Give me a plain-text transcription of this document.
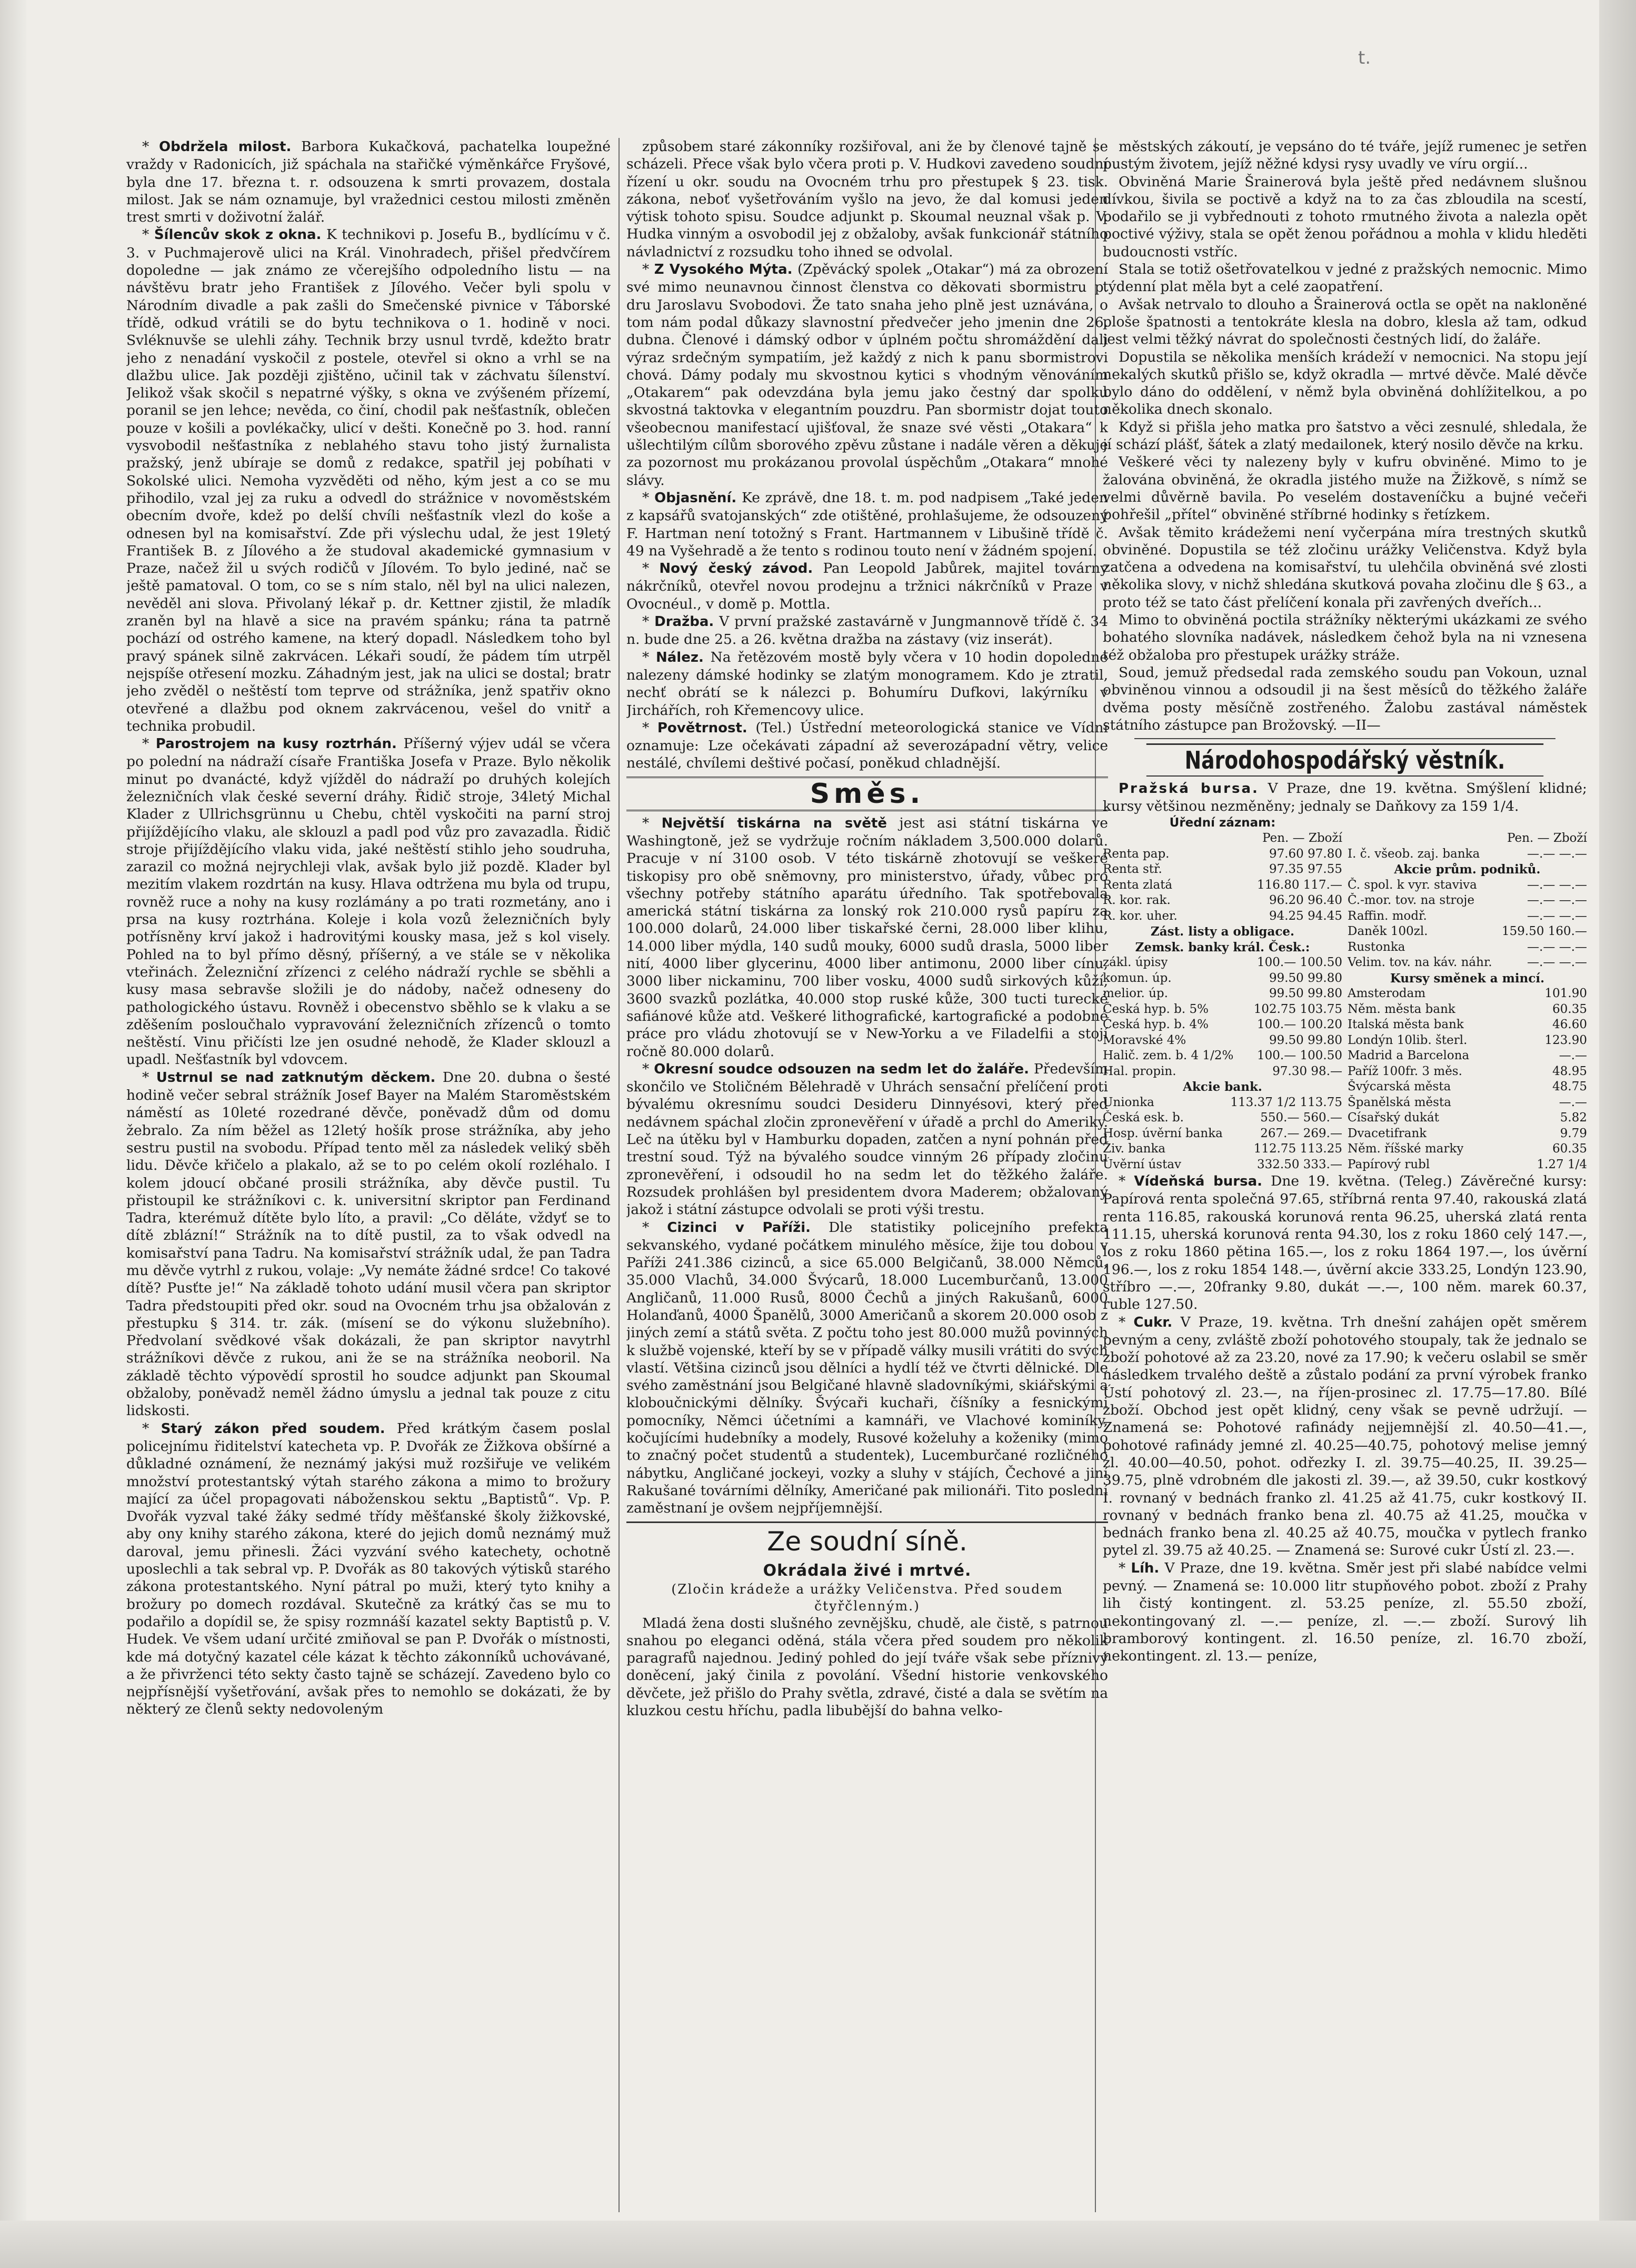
t.

* Obdržela milost. Barbora Kukačková, pachatelka loupežné vraždy v Radonicích, již spáchala na stařičké výměnkářce Fryšové, byla dne 17. března t. r. odsouzena k smrti provazem, dostala milost. Jak se nám oznamuje, byl vražednici cestou milosti změněn trest smrti v doživotní žalář.

* Šílencův skok z okna. K technikovi p. Josefu B., bydlícímu v č. 3. v Puchmajerově ulici na Král. Vinohradech, přišel předvčírem dopoledne — jak známo ze včerejšího odpoledního listu — na návštěvu bratr jeho František z Jílového. Večer byli spolu v Národním divadle a pak zašli do Smečenské pivnice v Táborské třídě, odkud vrátili se do bytu technikova o 1. hodině v noci. Svléknuvše se ulehli záhy. Technik brzy usnul tvrdě, kdežto bratr jeho z nenadání vyskočil z postele, otevřel si okno a vrhl se na dlažbu ulice. Jak později zjištěno, učinil tak v záchvatu šílenství. Jelikož však skočil s nepatrné výšky, s okna ve zvýšeném přízemí, poranil se jen lehce; nevěda, co činí, chodil pak nešťastník, oblečen pouze v košili a povlékačky, ulicí v dešti. Konečně po 3. hod. ranní vysvobodil nešťastníka z neblahého stavu toho jistý žurnalista pražský, jenž ubíraje se domů z redakce, spatřil jej pobíhati v Sokolské ulici. Nemoha vyzvěděti od něho, kým jest a co se mu přihodilo, vzal jej za ruku a odvedl do strážnice v novoměstském obecním dvoře, kdež po delší chvíli nešťastník vlezl do koše a odnesen byl na komisařství. Zde při výslechu udal, že jest 19letý František B. z Jílového a že studoval akademické gymnasium v Praze, načež žil u svých rodičů v Jílovém. To bylo jediné, nač se ještě pamatoval. O tom, co se s ním stalo, něl byl na ulici nalezen, nevěděl ani slova. Přivolaný lékař p. dr. Kettner zjistil, že mladík zraněn byl na hlavě a sice na pravém spánku; rána ta patrně pochází od ostrého kamene, na který dopadl. Následkem toho byl pravý spánek silně zakrvácen. Lékaři soudí, že pádem tím utrpěl nejspíše otřesení mozku. Záhadným jest, jak na ulici se dostal; bratr jeho zvěděl o neštěstí tom teprve od strážníka, jenž spatřiv okno otevřené a dlažbu pod oknem zakrvácenou, vešel do vnitř a technika probudil.

* Parostrojem na kusy roztrhán. Příšerný výjev udál se včera po polední na nádraží císaře Františka Josefa v Praze. Bylo několik minut po dvanácté, když vjížděl do nádraží po druhých kolejích železničních vlak české severní dráhy. Řidič stroje, 34letý Michal Klader z Ullrichsgrünnu u Chebu, chtěl vyskočiti na parní stroj přijíždějícího vlaku, ale sklouzl a padl pod vůz pro zavazadla. Řidič stroje přijíždějícího vlaku vida, jaké neštěstí stihlo jeho soudruha, zarazil co možná nejrychleji vlak, avšak bylo již pozdě. Klader byl mezitím vlakem rozdrtán na kusy. Hlava odtržena mu byla od trupu, rovněž ruce a nohy na kusy rozlámány a po trati rozmetány, ano i prsa na kusy roztrhána. Koleje i kola vozů železničních byly potřísněny krví jakož i hadrovitými kousky masa, jež s kol visely. Pohled na to byl přímo děsný, příšerný, a ve stále se v několika vteřinách. Železniční zřízenci z celého nádraží rychle se sběhli a kusy masa sebravše složili je do nádoby, načež odneseny do pathologického ústavu. Rovněž i obecenstvo sběhlo se k vlaku a se zděšením posloučhalo vypravování železničních zřízenců o tomto neštěstí. Vinu přičísti lze jen osudné nehodě, že Klader sklouzl a upadl. Nešťastník byl vdovcem.

* Ustrnul se nad zatknutým děckem. Dne 20. dubna o šesté hodině večer sebral strážník Josef Bayer na Malém Staroměstském náměstí as 10leté rozedrané děvče, poněvadž dům od domu žebralo. Za ním běžel as 12letý hošík prose strážníka, aby jeho sestru pustil na svobodu. Případ tento měl za následek veliký sběh lidu. Děvče křičelo a plakalo, až se to po celém okolí rozléhalo. I kolem jdoucí občané prosili strážníka, aby děvče pustil. Tu přistoupil ke strážníkovi c. k. universitní skriptor pan Ferdinand Tadra, kterémuž dítěte bylo líto, a pravil: „Co děláte, vždyť se to dítě zblázní!“ Strážník na to dítě pustil, za to však odvedl na komisařství pana Tadru. Na komisařství strážník udal, že pan Tadra mu děvče vytrhl z rukou, volaje: „Vy nemáte žádné srdce! Co takové dítě? Pusťte je!“ Na základě tohoto udání musil včera pan skriptor Tadra předstoupiti před okr. soud na Ovocném trhu jsa obžalován z přestupku § 314. tr. zák. (mísení se do výkonu služebního). Předvolaní svědkové však dokázali, že pan skriptor navytrhl strážníkovi děvče z rukou, ani že se na strážníka neoboril. Na základě těchto výpovědí sprostil ho soudce adjunkt pan Skoumal obžaloby, poněvadž neměl žádno úmyslu a jednal tak pouze z citu lidskosti.

* Starý zákon před soudem. Před krátkým časem poslal policejnímu řiditelství katecheta vp. P. Dvořák ze Žižkova obšírné a důkladné oznámení, že neznámý jakýsi muž rozšiřuje ve velikém množství protestantský výtah starého zákona a mimo to brožury mající za účel propagovati náboženskou sektu „Baptistů“. Vp. P. Dvořák vyzval také žáky sedmé třídy měšťanské školy žižkovské, aby ony knihy starého zákona, které do jejich domů neznámý muž daroval, jemu přinesli. Žáci vyzvání svého katechety, ochotně uposlechli a tak sebral vp. P. Dvořák as 80 takových výtisků starého zákona protestantského. Nyní pátral po muži, který tyto knihy a brožury po domech rozdával. Skutečně za krátký čas se mu to podařilo a dopídil se, že spisy rozmnáší kazatel sekty Baptistů p. V. Hudek. Ve všem udaní určité zmiňoval se pan P. Dvořák o místnosti, kde má dotyčný kazatel céle kázat k těchto zákonníků uchovávané, a že přivrženci této sekty často tajně se scházejí. Zavedeno bylo co nejpřísnější vyšetřování, avšak přes to nemohlo se dokázati, že by některý ze členů sekty nedovoleným

způsobem staré zákonníky rozšiřoval, ani že by členové tajně se scházeli. Přece však bylo včera proti p. V. Hudkovi zavedeno soudní řízení u okr. soudu na Ovocném trhu pro přestupek § 23. tisk. zákona, neboť vyšetřováním vyšlo na jevo, že dal komusi jeden výtisk tohoto spisu. Soudce adjunkt p. Skoumal neuznal však p. V. Hudka vinným a osvobodil jej z obžaloby, avšak funkcionář státního návladnictví z rozsudku toho ihned se odvolal.

* Z Vysokého Mýta. (Zpěvácký spolek „Otakar“) má za obrození své mimo neunavnou činnost členstva co děkovati sbormistru p. dru Jaroslavu Svobodovi. Že tato snaha jeho plně jest uznávána, o tom nám podal důkazy slavnostní předvečer jeho jmenin dne 26. dubna. Členové i dámský odbor v úplném počtu shromáždění dali výraz srdečným sympatiím, jež každý z nich k panu sbormistrovi chová. Dámy podaly mu skvostnou kytici s vhodným věnováním „Otakarem“ pak odevzdána byla jemu jako čestný dar spolku skvostná taktovka v elegantním pouzdru. Pan sbormistr dojat touto všeobecnou manifestací ujišťoval, že snaze své věsti „Otakara“ k ušlechtilým cílům sborového zpěvu zůstane i nadále věren a děkuje za pozornost mu prokázanou provolal úspěchům „Otakara“ mnohé slávy.

* Objasnění. Ke zprávě, dne 18. t. m. pod nadpisem „Také jeden z kapsářů svatojanských“ zde otištěné, prohlašujeme, že odsouzený F. Hartman není totožný s Frant. Hartmannem v Libušině třídě č. 49 na Vyšehradě a že tento s rodinou touto není v žádném spojení.

* Nový český závod. Pan Leopold Jabůrek, majitel továrny nákrčníků, otevřel novou prodejnu a tržnici nákrčníků v Praze v Ovocnéul., v domě p. Mottla.

* Dražba. V první pražské zastavárně v Jungmannově třídě č. 34 n. bude dne 25. a 26. května dražba na zástavy (viz inserát).

* Nález. Na řetězovém mostě byly včera v 10 hodin dopoledne nalezeny dámské hodinky se zlatým monogramem. Kdo je ztratil, nechť obrátí se k nálezci p. Bohumíru Dufkovi, lakýrníku v Jirchářích, roh Křemencovy ulice.

* Povětrnost. (Tel.) Ústřední meteorologická stanice ve Vídni oznamuje: Lze očekávati západní až severozápadní větry, velice nestálé, chvílemi deštivé počasí, poněkud chladnější.

Směs.

* Největší tiskárna na světě jest asi státní tiskárna ve Washingtoně, jež se vydržuje ročním nákladem 3,500.000 dolarů. Pracuje v ní 3100 osob. V této tiskárně zhotovují se veškeré tiskopisy pro obě sněmovny, pro ministerstvo, úřady, vůbec pro všechny potřeby státního aparátu úředního. Tak spotřebovala americká státní tiskárna za lonský rok 210.000 rysů papíru za 100.000 dolarů, 24.000 liber tiskařské černi, 28.000 liber klihu, 14.000 liber mýdla, 140 sudů mouky, 6000 sudů drasla, 5000 liber nití, 4000 liber glycerinu, 4000 liber antimonu, 2000 liber cínu, 3000 liber nickaminu, 700 liber vosku, 4000 sudů sirkových kůží, 3600 svazků pozlátka, 40.000 stop ruské kůže, 300 tucti turecké safiánové kůže atd. Veškeré lithografické, kartografické a podobné práce pro vládu zhotovují se v New-Yorku a ve Filadelfii a stojí ročně 80.000 dolarů.

* Okresní soudce odsouzen na sedm let do žaláře. Především skončilo ve Stoličném Bělehradě v Uhrách sensační přelíčení proti bývalému okresnímu soudci Desideru Dinnyésovi, který před nedávnem spáchal zločin zpronevěření v úřadě a prchl do Ameriky. Leč na útěku byl v Hamburku dopaden, zatčen a nyní pohnán před trestní soud. Týž na bývalého soudce vinným 26 případy zločinu zpronevěření, i odsoudil ho na sedm let do těžkého žaláře. Rozsudek prohlášen byl presidentem dvora Maderem; obžalovaný jakož i státní zástupce odvolali se proti výši trestu.

* Cizinci v Paříži. Dle statistiky policejního prefekta sekvanského, vydané počátkem minulého měsíce, žije tou dobou v Paříži 241.386 cizinců, a sice 65.000 Belgičanů, 38.000 Němců, 35.000 Vlachů, 34.000 Švýcarů, 18.000 Lucemburčanů, 13.000 Angličanů, 11.000 Rusů, 8000 Čechů a jiných Rakušanů, 6000 Holanďanů, 4000 Španělů, 3000 Američanů a skorem 20.000 osob z jiných zemí a států světa. Z počtu toho jest 80.000 mužů povinných k službě vojenské, kteří by se v případě války musili vrátiti do svých vlastí. Většina cizinců jsou dělníci a hydlí též ve čtvrti dělnické. Dle svého zaměstnání jsou Belgičané hlavně sladovníkými, skiářskými a kloboučnickými dělníky. Švýcaři kuchaři, číšníky a fesnickými pomocníky, Němci účetními a kamnáři, ve Vlachové kominíky, kočujícími hudebníky a modely, Rusové koželuhy a koženiky (mimo to značný počet studentů a studentek), Lucemburčané rozličného nábytku, Angličané jockeyi, vozky a sluhy v stájích, Čechové a jiní Rakušané továrními dělníky, Američané pak milionáři. Tito poslední zaměstnaní je ovšem nejpříjemnější.

Ze soudní síně.
Okrádala živé i mrtvé.
(Zločin krádeže a urážky Veličenstva. Před soudem čtyřčlenným.)

Mladá žena dosti slušného zevnějšku, chudě, ale čistě, s patrnou snahou po eleganci oděná, stála včera před soudem pro několik paragrafů najednou. Jediný pohled do její tváře však sebe příznivý doněcení, jaký činila z povolání. Všední historie venkovského děvčete, jež přišlo do Prahy světla, zdravé, čisté a dala se světím na kluzkou cestu hříchu, padla libubější do bahna velko-

městských zákoutí, je vepsáno do té tváře, jejíž rumenec je setřen pustým životem, jejíž něžné kdysi rysy uvadly ve víru orgií...

Obviněná Marie Šrainerová byla ještě před nedávnem slušnou dívkou, šivila se poctivě a když na to za čas zbloudila na scestí, podařilo se ji vybřednouti z tohoto rmutného života a nalezla opět poctivé výživy, stala se opět ženou pořádnou a mohla v klidu hleděti budoucnosti vstříc.

Stala se totiž ošetřovatelkou v jedné z pražských nemocnic. Mimo týdenní plat měla byt a celé zaopatření.

Avšak netrvalo to dlouho a Šrainerová octla se opět na nakloněné ploše špatnosti a tentokráte klesla na dobro, klesla až tam, odkud jest velmi těžký návrat do společnosti čestných lidí, do žaláře.

Dopustila se několika menších krádeží v nemocnici. Na stopu její nekalých skutků přišlo se, když okradla — mrtvé děvče. Malé děvče bylo dáno do oddělení, v němž byla obviněná dohlížitelkou, a po několika dnech skonalo.

Když si přišla jeho matka pro šatstvo a věci zesnulé, shledala, že jí schází plášť, šátek a zlatý medailonek, který nosilo děvče na krku.

Veškeré věci ty nalezeny byly v kufru obviněné. Mimo to je žalována obviněná, že okradla jistého muže na Žižkově, s nímž se velmi důvěrně bavila. Po veselém dostaveníčku a bujné večeři pohřešil „přítel“ obviněné stříbrné hodinky s řetízkem.

Avšak těmito krádežemi není vyčerpána míra trestných skutků obviněné. Dopustila se též zločinu urážky Veličenstva. Když byla zatčena a odvedena na komisařství, tu ulehčila obviněná své zlosti několika slovy, v nichž shledána skutková povaha zločinu dle § 63., a proto též se tato část přelíčení konala při zavřených dveřích...

Mimo to obviněná poctila strážníky některými ukázkami ze svého bohatého slovníka nadávek, následkem čehož byla na ni vznesena též obžaloba pro přestupek urážky stráže.

Soud, jemuž předsedal rada zemského soudu pan Vokoun, uznal obviněnou vinnou a odsoudil ji na šest měsíců do těžkého žaláře dvěma posty měsíčně zostřeného. Žalobu zastával náměstek státního zástupce pan Brožovský. —II—

Národohospodářský věstník.

Pražská bursa. V Praze, dne 19. května. Smýšlení klidné; kursy většinou nezměněny; jednaly se Daňkovy za 159 1/4.

Úřední záznam:
Pen. — Zboží
Renta pap.	97.60 97.80
Renta stř.	97.35 97.55
Renta zlatá	116.80 117.—
R. kor. rak.	96.20 96.40
R. kor. uher.	94.25 94.45
Zást. listy a obligace.
Zemsk. banky král. Česk.:
zákl. úpisy	100.— 100.50
komun. úp.	99.50 99.80
melior. úp.	99.50 99.80
Česká hyp. b. 5%	102.75 103.75
Česká hyp. b. 4%	100.— 100.20
Moravské 4%	99.50 99.80
Halič. zem. b. 4 1/2% 100.— 100.50
Hal. propin.	97.30 98.—
Akcie bank.
Unionka	113.37 1/2 113.75
Česká esk. b.	550.— 560.—
Hosp. úvěrní banka	267.— 269.—
Živ. banka	112.75 113.25
Úvěrní ústav	332.50 333.—

Pen. — Zboží
I. č. všeob. zaj. banka	—.— —.—
Akcie prům. podniků.
Č. spol. k vyr. staviva	—.— —.—
Č.-mor. tov. na stroje	—.— —.—
Raffin. modř.	—.— —.—
Daněk 100zl.	159.50 160.—
Rustonka	—.— —.—
Velim. tov. na káv. náhr.	—.— —.—
Kursy směnek a mincí.
Amsterodam	101.90
Něm. města bank	60.35
Italská města bank	46.60
Londýn 10lib. šterl.	123.90
Madrid a Barcelona	—.—
Paříž 100fr. 3 měs.	48.95
Švýcarská města	48.75
Španělská města	—.—
Císařský dukát	5.82
Dvacetifrank	9.79
Něm. říšské marky	60.35
Papírový rubl	1.27 1/4

* Vídeňská bursa. Dne 19. května. (Teleg.) Závěrečné kursy: Papírová renta společná 97.65, stříbrná renta 97.40, rakouská zlatá renta 116.85, rakouská korunová renta 96.25, uherská zlatá renta 111.15, uherská korunová renta 94.30, los z roku 1860 celý 147.—, los z roku 1860 pětina 165.—, los z roku 1864 197.—, los úvěrní 196.—, los z roku 1854 148.—, úvěrní akcie 333.25, Londýn 123.90, stříbro —.—, 20franky 9.80, dukát —.—, 100 něm. marek 60.37, ruble 127.50.

* Cukr. V Praze, 19. května. Trh dnešní zahájen opět směrem pevným a ceny, zvláště zboží pohotového stoupaly, tak že jednalo se zboží pohotové až za 23.20, nové za 17.90; k večeru oslabil se směr následkem trvalého deště a zůstalo podání za první výrobek franko Ústí pohotový zl. 23.—, na říjen-prosinec zl. 17.75—17.80. Bílé zboží. Obchod jest opět klidný, ceny však se pevně udržují. — Znamená se: Pohotové rafinády nejjemnější zl. 40.50—41.—, pohotové rafinády jemné zl. 40.25—40.75, pohotový melise jemný zl. 40.00—40.50, pohot. odřezky I. zl. 39.75—40.25, II. 39.25—39.75, plně vdrobném dle jakosti zl. 39.—, až 39.50, cukr kostkový I. rovnaný v bednách franko zl. 41.25 až 41.75, cukr kostkový II. rovnaný v bednách franko bena zl. 40.75 až 41.25, moučka v bednách franko bena zl. 40.25 až 40.75, moučka v pytlech franko pytel zl. 39.75 až 40.25. — Znamená se: Surové cukr Ústí zl. 23.—.

* Líh. V Praze, dne 19. května. Směr jest při slabé nabídce velmi pevný. — Znamená se: 10.000 litr stupňového pobot. zboží z Prahy lih čistý kontingent. zl. 53.25 peníze, zl. 55.50 zboží, nekontingovaný zl. —.— peníze, zl. —.— zboží. Surový lih bramborový kontingent. zl. 16.50 peníze, zl. 16.70 zboží, nekontingent. zl. 13.— peníze,
